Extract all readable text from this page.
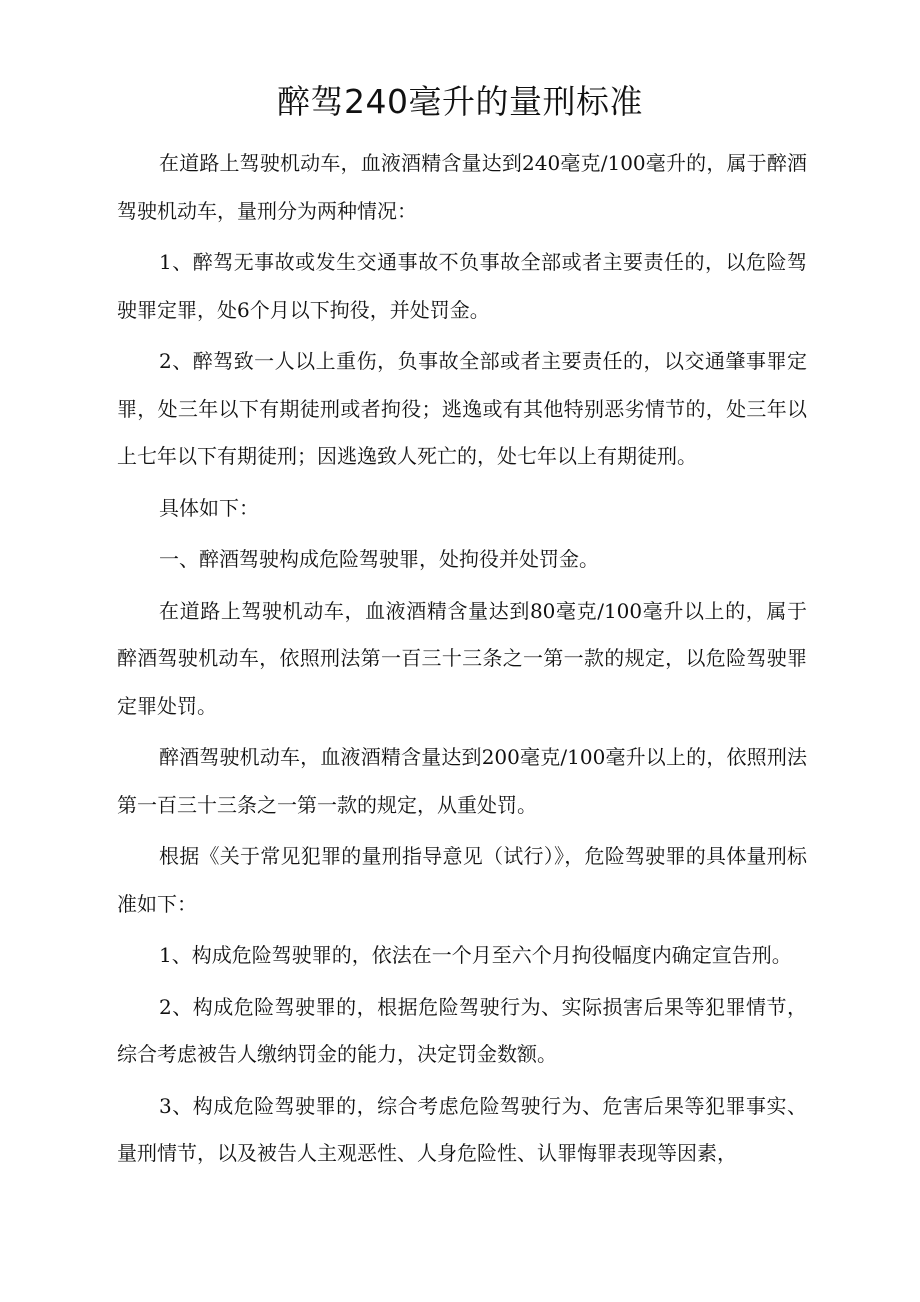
醉驾240毫升的量刑标准

在道路上驾驶机动车，血液酒精含量达到240毫克/100毫升的，属于醉酒驾驶机动车，量刑分为两种情况：

1、醉驾无事故或发生交通事故不负事故全部或者主要责任的，以危险驾驶罪定罪，处6个月以下拘役，并处罚金。

2、醉驾致一人以上重伤，负事故全部或者主要责任的，以交通肇事罪定罪，处三年以下有期徒刑或者拘役；逃逸或有其他特别恶劣情节的，处三年以上七年以下有期徒刑；因逃逸致人死亡的，处七年以上有期徒刑。

具体如下：

一、醉酒驾驶构成危险驾驶罪，处拘役并处罚金。

在道路上驾驶机动车，血液酒精含量达到80毫克/100毫升以上的，属于醉酒驾驶机动车，依照刑法第一百三十三条之一第一款的规定，以危险驾驶罪定罪处罚。

醉酒驾驶机动车，血液酒精含量达到200毫克/100毫升以上的，依照刑法第一百三十三条之一第一款的规定，从重处罚。

根据《关于常见犯罪的量刑指导意见（试行）》，危险驾驶罪的具体量刑标准如下：

1、构成危险驾驶罪的，依法在一个月至六个月拘役幅度内确定宣告刑。

2、构成危险驾驶罪的，根据危险驾驶行为、实际损害后果等犯罪情节，综合考虑被告人缴纳罚金的能力，决定罚金数额。

3、构成危险驾驶罪的，综合考虑危险驾驶行为、危害后果等犯罪事实、量刑情节，以及被告人主观恶性、人身危险性、认罪悔罪表现等因素，
